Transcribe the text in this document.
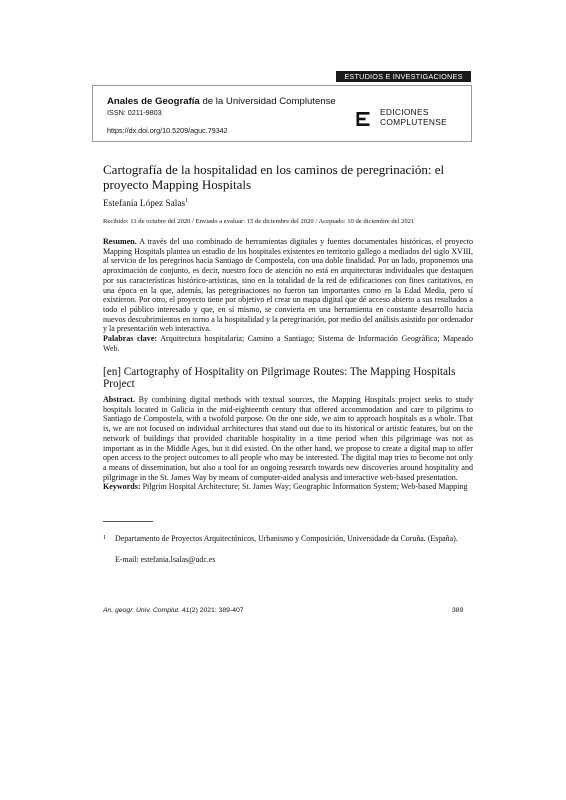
ESTUDIOS E INVESTIGACIONES
Anales de Geografía de la Universidad Complutense
ISSN: 0211-9803
https://dx.doi.org/10.5209/aguc.79342
EDICIONES
COMPLUTENSE
Cartografía de la hospitalidad en los caminos de peregrinación: el proyecto Mapping Hospitals
Estefanía López Salas$^1$
Recibido: 11 de octubre del 2020 / Enviado a evaluar: 15 de diciembre del 2020 / Aceptado: 10 de diciembre del 2021
Resumen. A través del uso combinado de herramientas digitales y fuentes documentales históricas, el proyecto Mapping Hospitals plantea un estudio de los hospitales existentes en territorio gallego a mediados del siglo XVIII, al servicio de los peregrinos hacia Santiago de Compostela, con una doble finalidad. Por un lado, proponemos una aproximación de conjunto, es decir, nuestro foco de atención no está en arquitecturas individuales que destaquen por sus características histórico-artísticas, sino en la totalidad de la red de edificaciones con fines caritativos, en una época en la que, además, las peregrinaciones no fueron tan importantes como en la Edad Media, pero sí existieron. Por otro, el proyecto tiene por objetivo el crear un mapa digital que dé acceso abierto a sus resultados a todo el público interesado y que, en sí mismo, se convierta en una herramienta en constante desarrollo hacia nuevos descubrimientos en torno a la hospitalidad y la peregrinación, por medio del análisis asistido por ordenador y la presentación web interactiva.
Palabras clave: Arquitectura hospitalaria; Camino a Santiago; Sistema de Información Geográfica; Mapeado Web.
[en] Cartography of Hospitality on Pilgrimage Routes: The Mapping Hospitals Project
Abstract. By combining digital methods with textual sources, the Mapping Hospitals project seeks to study hospitals located in Galicia in the mid-eighteenth century that offered accommodation and care to pilgrims to Santiago de Compostela, with a twofold purpose. On the one side, we aim to approach hospitals as a whole. That is, we are not focused on individual architectures that stand out due to its historical or artistic features, but on the network of buildings that provided charitable hospitality in a time period when this pilgrimage was not as important as in the Middle Ages, but it did existed. On the other hand, we propose to create a digital map to offer open access to the project outcomes to all people who may be interested. The digital map tries to become not only a means of dissemination, but also a tool for an ongoing research towards new discoveries around hospitality and pilgrimage in the St. James Way by means of computer-aided analysis and interactive web-based presentation.
Keywords: Pilgrim Hospital Architecture; St. James Way; Geographic Information System; Web-based Mapping
1 Departamento de Proyectos Arquitectónicos, Urbanismo y Composición, Universidade da Coruña. (España).
E-mail: estefania.lsalas@udc.es
An. geogr. Univ. Complut. 41(2) 2021: 389-407	389
